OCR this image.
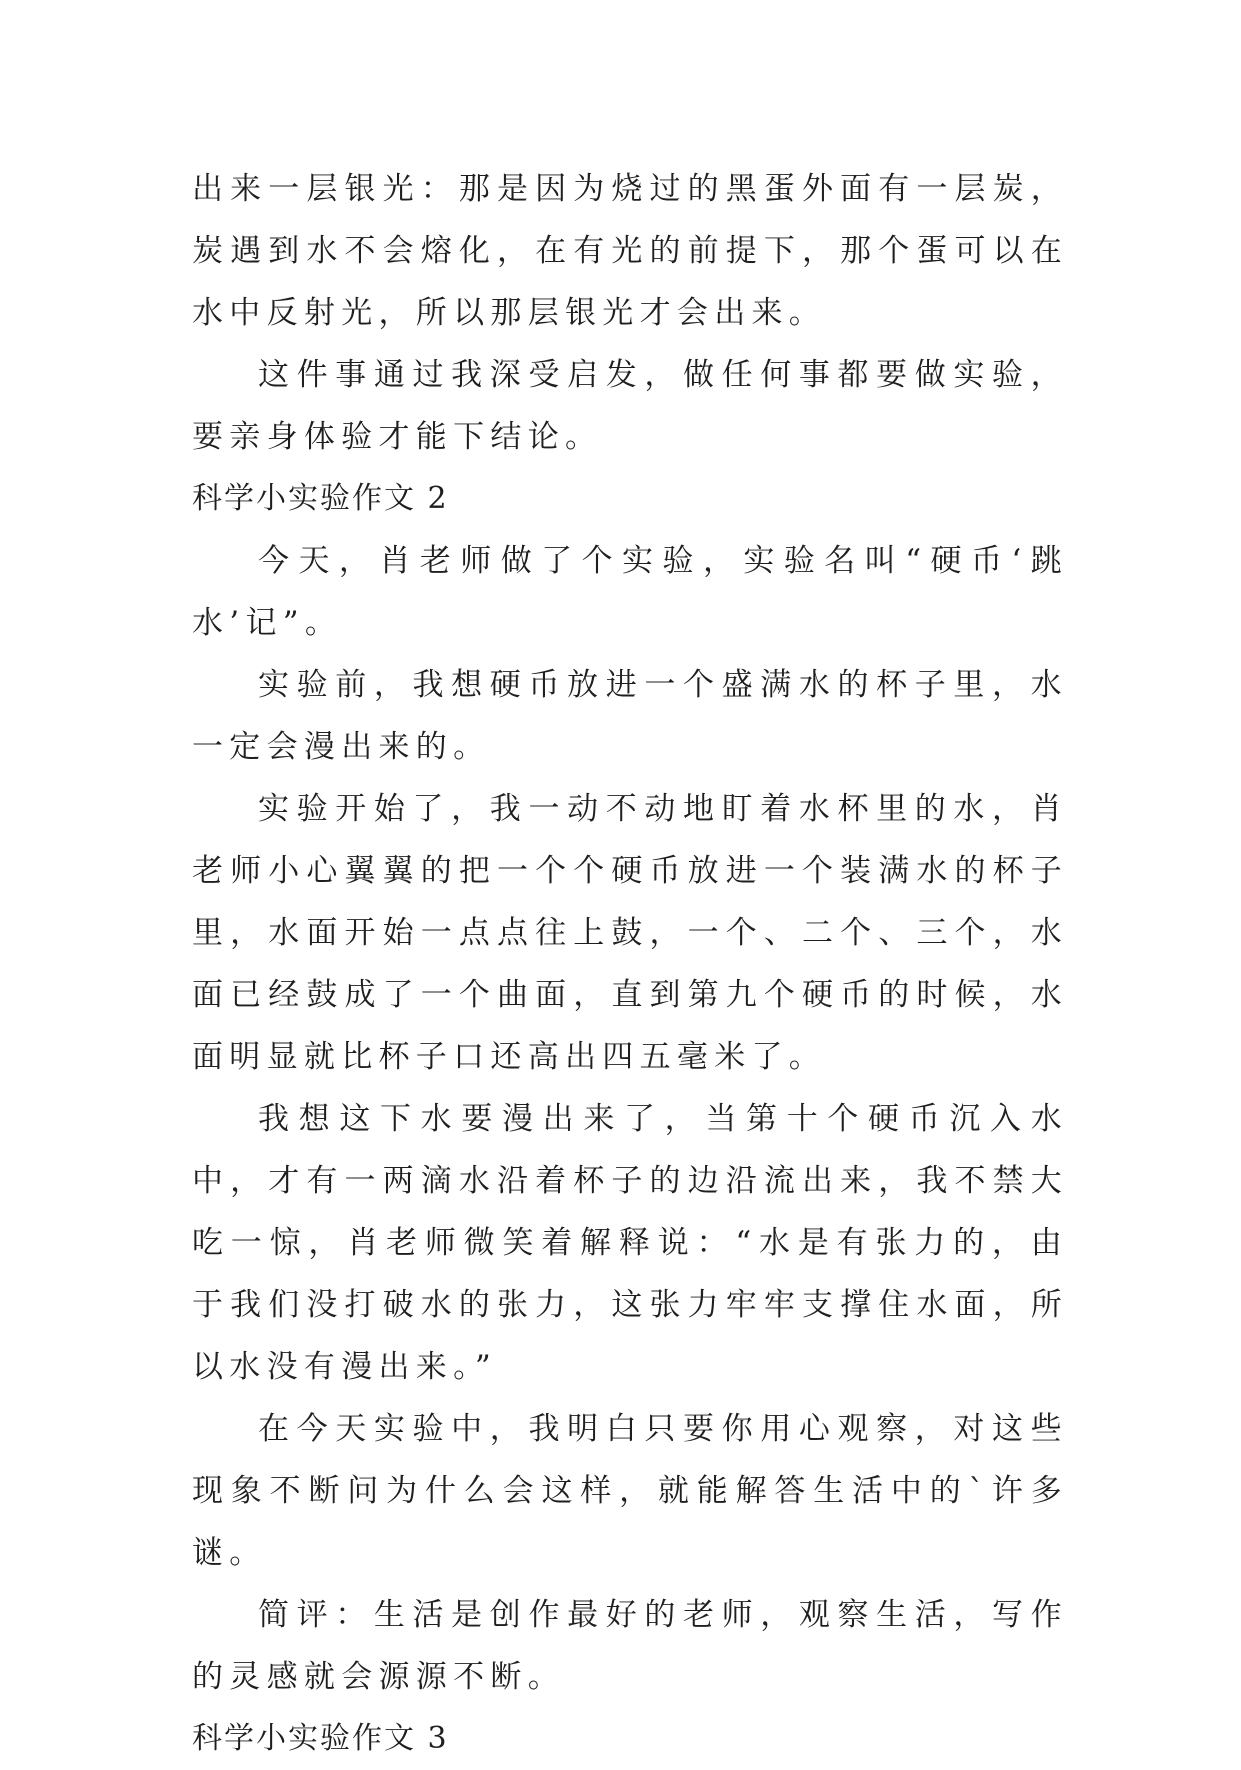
出来一层银光：那是因为烧过的黑蛋外面有一层炭，炭遇到水不会熔化，在有光的前提下，那个蛋可以在水中反射光，所以那层银光才会出来。

这件事通过我深受启发，做任何事都要做实验，要亲身体验才能下结论。

科学小实验作文 2

今天，肖老师做了个实验，实验名叫“硬币‘跳水’记”。

实验前，我想硬币放进一个盛满水的杯子里，水一定会漫出来的。

实验开始了，我一动不动地盯着水杯里的水，肖老师小心翼翼的把一个个硬币放进一个装满水的杯子里，水面开始一点点往上鼓，一个、二个、三个，水面已经鼓成了一个曲面，直到第九个硬币的时候，水面明显就比杯子口还高出四五毫米了。

我想这下水要漫出来了，当第十个硬币沉入水中，才有一两滴水沿着杯子的边沿流出来，我不禁大吃一惊，肖老师微笑着解释说：“水是有张力的，由于我们没打破水的张力，这张力牢牢支撑住水面，所以水没有漫出来。”

在今天实验中，我明白只要你用心观察，对这些现象不断问为什么会这样，就能解答生活中的`许多谜。

简评：生活是创作最好的老师，观察生活，写作的灵感就会源源不断。

科学小实验作文 3
